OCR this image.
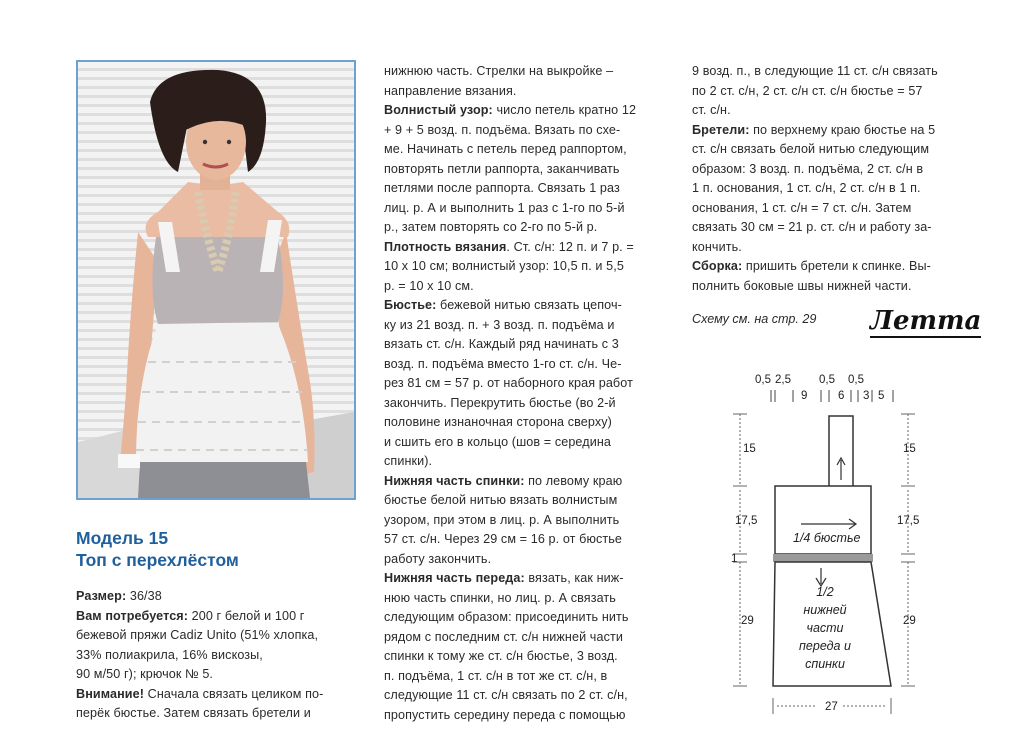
Модель 15
Топ с перехлёстом

Размер: 36/38

Вам потребуется: 200 г белой и 100 г
бежевой пряжи Cadiz Unito (51% хлопка,
33% полиакрила, 16% вискозы,
90 м/50 г); крючок № 5.

Внимание! Сначала связать целиком по-
перёк бюстье. Затем связать бретели и

нижнюю часть. Стрелки на выкройке –
направление вязания.

Волнистый узор: число петель кратно 12
+ 9 + 5 возд. п. подъёма. Вязать по схе-
ме. Начинать с петель перед раппортом,
повторять петли раппорта, заканчивать
петлями после раппорта. Связать 1 раз
лиц. р. А и выполнить 1 раз с 1-го по 5-й
р., затем повторять со 2-го по 5-й р.

Плотность вязания. Ст. с/н: 12 п. и 7 р. =
10 х 10 см; волнистый узор: 10,5 п. и 5,5
р. = 10 х 10 см.

Бюстье: бежевой нитью связать цепоч-
ку из 21 возд. п. + 3 возд. п. подъёма и
вязать ст. с/н. Каждый ряд начинать с 3
возд. п. подъёма вместо 1-го ст. с/н. Че-
рез 81 см = 57 р. от наборного края работ
закончить. Перекрутить бюстье (во 2-й
половине изнаночная сторона сверху)
и сшить его в кольцо (шов = середина
спинки).

Нижняя часть спинки: по левому краю
бюстье белой нитью вязать волнистым
узором, при этом в лиц. р. А выполнить
57 ст. с/н. Через 29 см = 16 р. от бюстье
работу закончить.

Нижняя часть переда: вязать, как ниж-
нюю часть спинки, но лиц. р. А связать
следующим образом: присоединить нить
рядом с последним ст. с/н нижней части
спинки к тому же ст. с/н бюстье, 3 возд.
п. подъёма, 1 ст. с/н в тот же ст. с/н, в
следующие 11 ст. с/н связать по 2 ст. с/н,
пропустить середину переда с помощью

9 возд. п., в следующие 11 ст. с/н связать
по 2 ст. с/н, 2 ст. с/н ст. с/н бюстье = 57
ст. с/н.

Бретели: по верхнему краю бюстье на 5
ст. с/н связать белой нитью следующим
образом: 3 возд. п. подъёма, 2 ст. с/н в
1 п. основания, 1 ст. с/н, 2 ст. с/н в 1 п.
основания, 1 ст. с/н = 7 ст. с/н. Затем
связать 30 см = 21 р. ст. с/н и работу за-
кончить.

Сборка: пришить бретели к спинке. Вы-
полнить боковые швы нижней части.

Схему см. на стр. 29 Летта
0,5 2,5
9
0,5
6
0,5
3 5
15
17,5
1
29
15
17,5
29
1/4 бюстье
1/2
нижней
части
переда и
спинки
27
